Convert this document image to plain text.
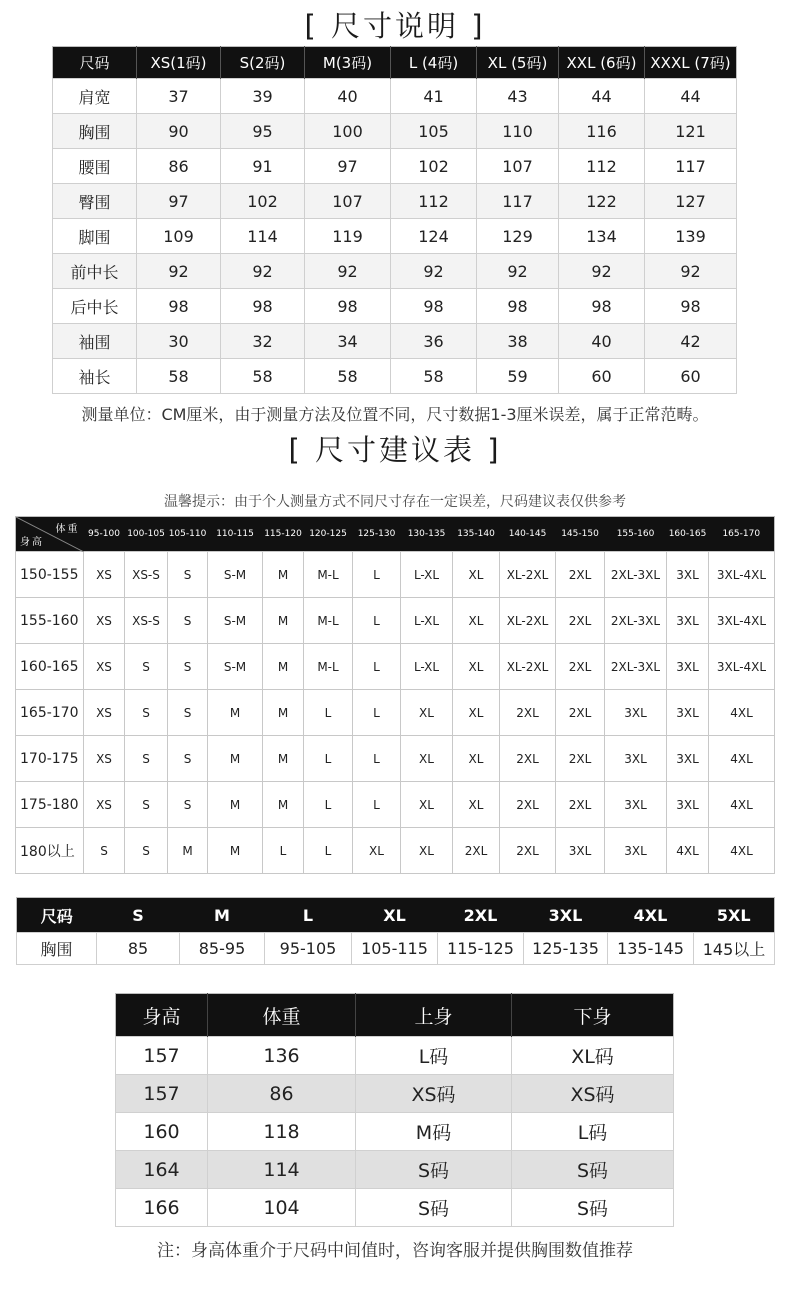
[ 尺寸说明 ]
尺码	XS(1码)	S(2码)	M(3码)	L (4码)	XL (5码)	XXL (6码)	XXXL (7码)
肩宽	37	39	40	41	43	44	44
胸围	90	95	100	105	110	116	121
腰围	86	91	97	102	107	112	117
臀围	97	102	107	112	117	122	127
脚围	109	114	119	124	129	134	139
前中长	92	92	92	92	92	92	92
后中长	98	98	98	98	98	98	98
袖围	30	32	34	36	38	40	42
袖长	58	58	58	58	59	60	60
测量单位：CM厘米，由于测量方法及位置不同，尺寸数据1-3厘米误差，属于正常范畴。
[ 尺寸建议表 ]
温馨提示：由于个人测量方式不同尺寸存在一定误差，尺码建议表仅供参考
体重
身高	95-100	100-105	105-110	110-115	115-120	120-125	125-130	130-135	135-140	140-145	145-150	155-160	160-165	165-170
150-155	XS	XS-S	S	S-M	M	M-L	L	L-XL	XL	XL-2XL	2XL	2XL-3XL	3XL	3XL-4XL
155-160	XS	XS-S	S	S-M	M	M-L	L	L-XL	XL	XL-2XL	2XL	2XL-3XL	3XL	3XL-4XL
160-165	XS	S	S	S-M	M	M-L	L	L-XL	XL	XL-2XL	2XL	2XL-3XL	3XL	3XL-4XL
165-170	XS	S	S	M	M	L	L	XL	XL	2XL	2XL	3XL	3XL	4XL
170-175	XS	S	S	M	M	L	L	XL	XL	2XL	2XL	3XL	3XL	4XL
175-180	XS	S	S	M	M	L	L	XL	XL	2XL	2XL	3XL	3XL	4XL
180以上	S	S	M	M	L	L	XL	XL	2XL	2XL	3XL	3XL	4XL	4XL
尺码	S	M	L	XL	2XL	3XL	4XL	5XL
胸围	85	85-95	95-105	105-115	115-125	125-135	135-145	145以上
身高	体重	上身	下身
157	136	L码	XL码
157	86	XS码	XS码
160	118	M码	L码
164	114	S码	S码
166	104	S码	S码
注：身高体重介于尺码中间值时，咨询客服并提供胸围数值推荐
